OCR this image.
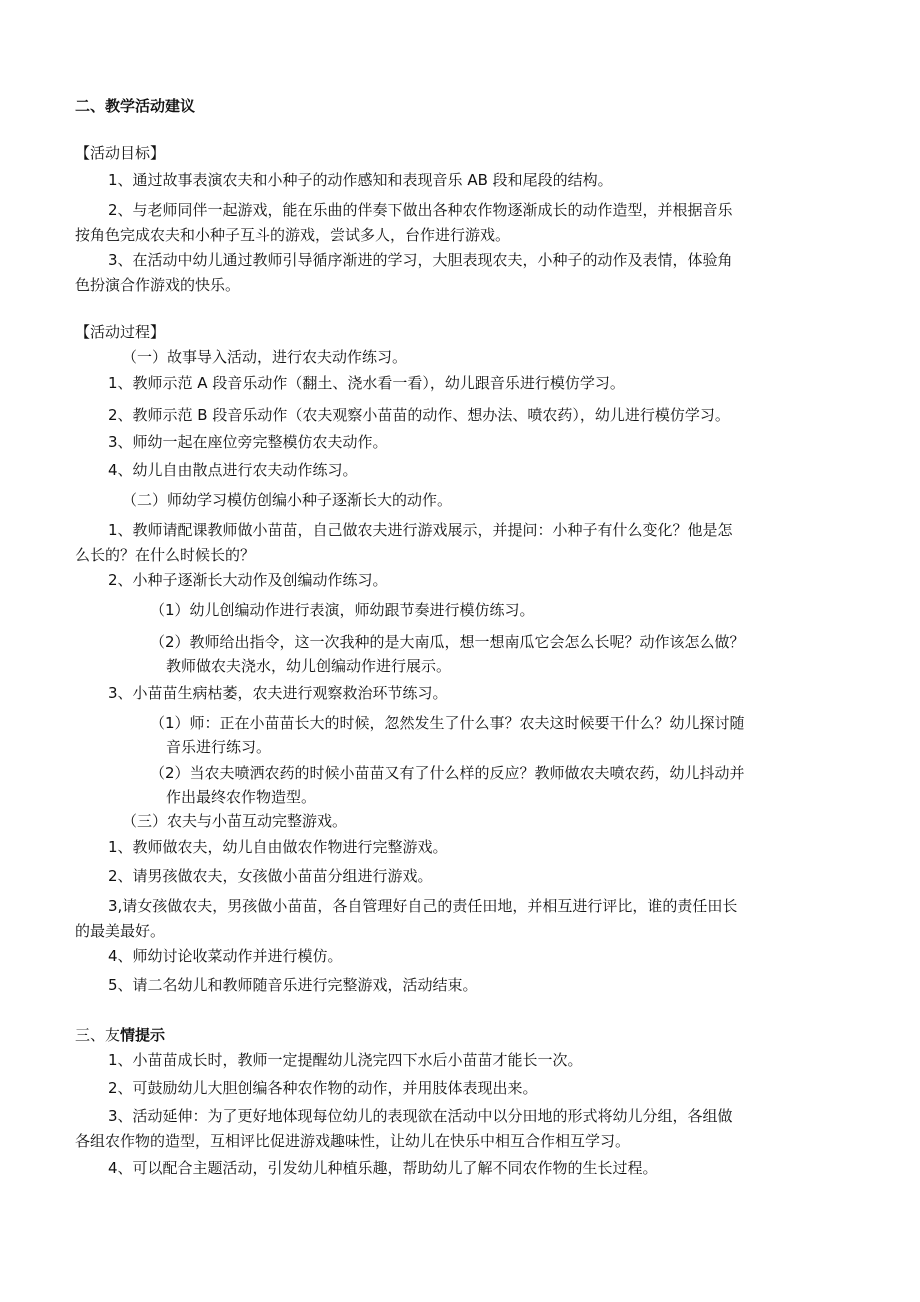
二、教学活动建议
【活动目标】
1、通过故事表演农夫和小种子的动作感知和表现音乐 AB 段和尾段的结构。
2、与老师同伴一起游戏，能在乐曲的伴奏下做出各种农作物逐渐成长的动作造型，并根据音乐
按角色完成农夫和小种子互斗的游戏，尝试多人，台作进行游戏。
3、在活动中幼儿通过教师引导循序渐进的学习，大胆表现农夫，小种子的动作及表情，体验角
色扮演合作游戏的快乐。
【活动过程】
（一）故事导入活动，进行农夫动作练习。
1、教师示范 A 段音乐动作（翻土、浇水看一看），幼儿跟音乐进行模仿学习。
2、教师示范 B 段音乐动作（农夫观察小苗苗的动作、想办法、喷农药），幼儿进行模仿学习。
3、师幼一起在座位旁完整模仿农夫动作。
4、幼儿自由散点进行农夫动作练习。
（二）师幼学习模仿创编小种子逐渐长大的动作。
1、教师请配课教师做小苗苗，自己做农夫进行游戏展示，并提问：小种子有什么变化？他是怎
么长的？在什么时候长的？
2、小种子逐渐长大动作及创编动作练习。
（1）幼儿创编动作进行表演，师幼跟节奏进行模仿练习。
（2）教师给出指令，这一次我种的是大南瓜，想一想南瓜它会怎么长呢？动作该怎么做？
教师做农夫浇水，幼儿创编动作进行展示。
3、小苗苗生病枯萎，农夫进行观察救治环节练习。
（1）师：正在小苗苗长大的时候，忽然发生了什么事？农夫这时候要干什么？幼儿探讨随
音乐进行练习。
（2）当农夫喷洒农药的时候小苗苗又有了什么样的反应？教师做农夫喷农药，幼儿抖动并
作出最终农作物造型。
（三）农夫与小苗互动完整游戏。
1、教师做农夫，幼儿自由做农作物进行完整游戏。
2、请男孩做农夫，女孩做小苗苗分组进行游戏。
3,请女孩做农夫，男孩做小苗苗，各自管理好自己的责任田地，并相互进行评比，谁的责任田长
的最美最好。
4、师幼讨论收菜动作并进行模仿。
5、请二名幼儿和教师随音乐进行完整游戏，活动结束。
三、友情提示
1、小苗苗成长时，教师一定提醒幼儿浇完四下水后小苗苗才能长一次。
2、可鼓励幼儿大胆创编各种农作物的动作，并用肢体表现出来。
3、活动延伸：为了更好地体现每位幼儿的表现欲在活动中以分田地的形式将幼儿分组，各组做
各组农作物的造型，互相评比促进游戏趣味性，让幼儿在快乐中相互合作相互学习。
4、可以配合主题活动，引发幼儿种植乐趣，帮助幼儿了解不同农作物的生长过程。
